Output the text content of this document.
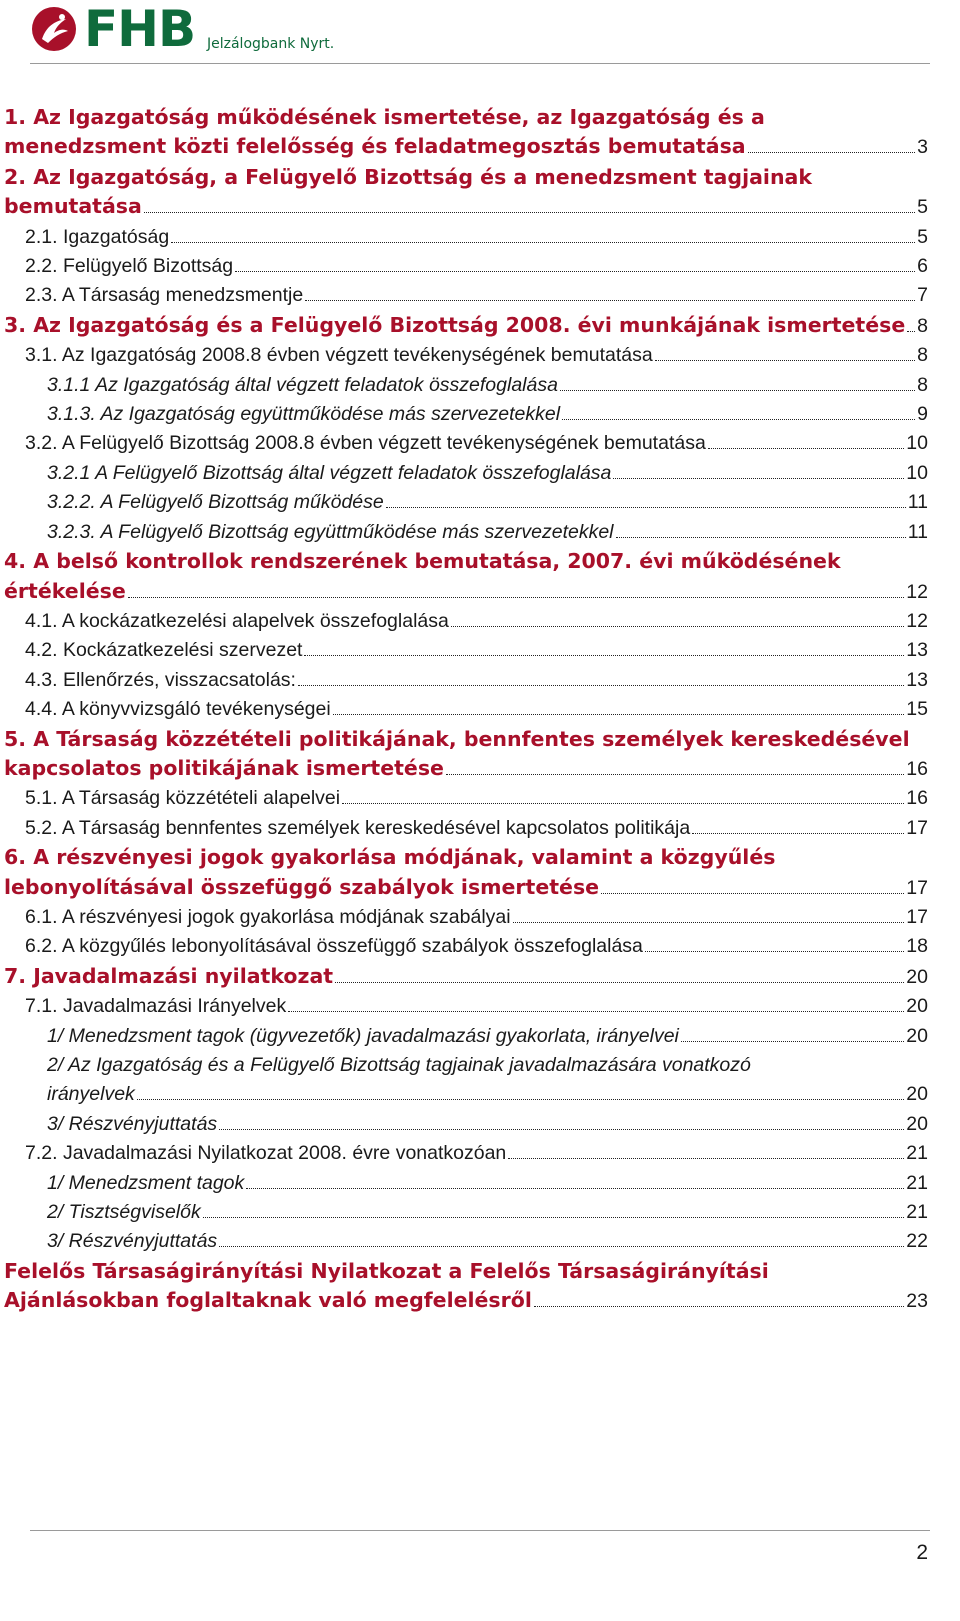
FHB Jelzálogbank Nyrt.
1. Az Igazgatóság működésének ismertetése, az Igazgatóság és a
menedzsment közti felelősség és feladatmegosztás bemutatása	3
2. Az Igazgatóság, a Felügyelő Bizottság és a menedzsment tagjainak
bemutatása	5
2.1. Igazgatóság	5
2.2. Felügyelő Bizottság	6
2.3. A Társaság menedzsmentje	7
3. Az Igazgatóság és a Felügyelő Bizottság 2008. évi munkájának ismertetése 8
3.1. Az Igazgatóság 2008.8 évben végzett tevékenységének bemutatása	8
3.1.1 Az Igazgatóság által végzett feladatok összefoglalása	8
3.1.3. Az Igazgatóság együttműködése más szervezetekkel	9
3.2. A Felügyelő Bizottság 2008.8 évben végzett tevékenységének bemutatása	10
3.2.1 A Felügyelő Bizottság által végzett feladatok összefoglalása	10
3.2.2. A Felügyelő Bizottság működése	11
3.2.3. A Felügyelő Bizottság együttműködése más szervezetekkel	11
4. A belső kontrollok rendszerének bemutatása, 2007. évi működésének
értékelése	12
4.1. A kockázatkezelési alapelvek összefoglalása	12
4.2. Kockázatkezelési szervezet	13
4.3. Ellenőrzés, visszacsatolás:	13
4.4. A könyvvizsgáló tevékenységei	15
5. A Társaság közzétételi politikájának, bennfentes személyek kereskedésével
kapcsolatos politikájának ismertetése	16
5.1. A Társaság közzétételi alapelvei	16
5.2. A Társaság bennfentes személyek kereskedésével kapcsolatos politikája	17
6. A részvényesi jogok gyakorlása módjának, valamint a közgyűlés
lebonyolításával összefüggő szabályok ismertetése	17
6.1. A részvényesi jogok gyakorlása módjának szabályai	17
6.2. A közgyűlés lebonyolításával összefüggő szabályok összefoglalása	18
7. Javadalmazási nyilatkozat	20
7.1. Javadalmazási Irányelvek	20
1/ Menedzsment tagok (ügyvezetők) javadalmazási gyakorlata, irányelvei	20
2/ Az Igazgatóság és a Felügyelő Bizottság tagjainak javadalmazására vonatkozó
irányelvek	20
3/ Részvényjuttatás	20
7.2. Javadalmazási Nyilatkozat 2008. évre vonatkozóan	21
1/ Menedzsment tagok	21
2/ Tisztségviselők	21
3/ Részvényjuttatás	22
Felelős Társaságirányítási Nyilatkozat a Felelős Társaságirányítási
Ajánlásokban foglaltaknak való megfelelésről	23
2
